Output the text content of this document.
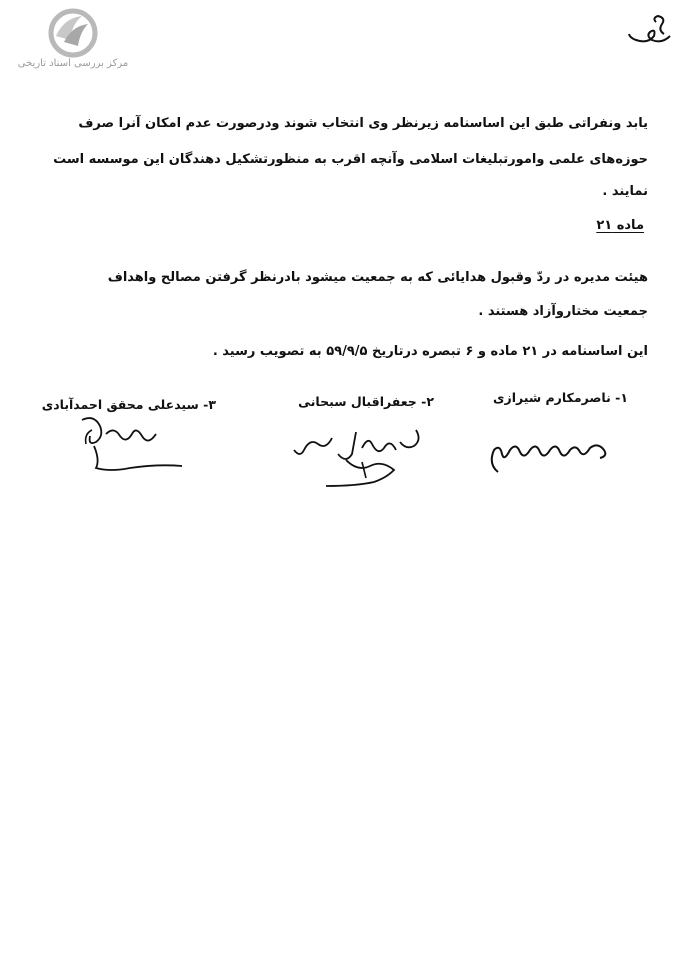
مرکز بررسی اسناد تاریخی
یابد ونفراتی طبق این اساسنامه زیرنظر وی انتخاب شوند ودرصورت عدم امکان آنرا صرف
حوزه‌های علمی وامورتبلیغات اسلامی وآنچه اقرب به منظورتشکیل دهندگان این موسسه است
نمایند .
ماده ۲۱
هیئت مدیره در ردّ وقبول هدایائی که به جمعیت میشود بادرنظر گرفتن مصالح واهداف
جمعیت مختاروآزاد هستند .
این اساسنامه در ۲۱ ماده و ۶ تبصره درتاریخ ۵۹/۹/۵ به تصویب رسید .
۱- ناصرمکارم شیرازی
۲- جعفراقبال سبحانی
۳- سیدعلی محقق احمدآبادی
